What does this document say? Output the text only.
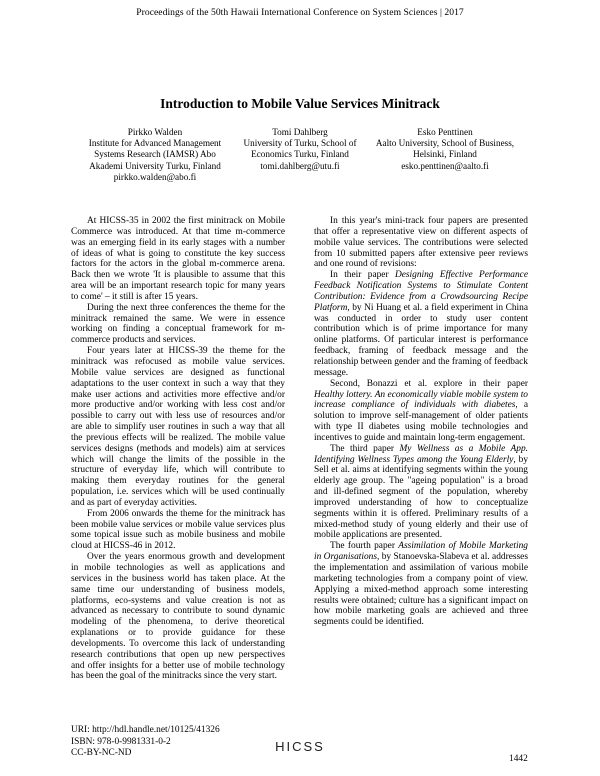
Proceedings of the 50th Hawaii International Conference on System Sciences | 2017
Introduction to Mobile Value Services Minitrack
Pirkko Walden
Institute for Advanced Management
Systems Research (IAMSR) Abo
Akademi University Turku, Finland
pirkko.walden@abo.fi
Tomi Dahlberg
University of Turku, School of
Economics Turku, Finland
tomi.dahlberg@utu.fi
Esko Penttinen
Aalto University, School of Business,
Helsinki, Finland
esko.penttinen@aalto.fi

At HICSS-35 in 2002 the first minitrack on Mobile Commerce was introduced. At that time m-commerce was an emerging field in its early stages with a number of ideas of what is going to constitute the key success factors for the actors in the global m-commerce arena. Back then we wrote 'It is plausible to assume that this area will be an important research topic for many years to come' – it still is after 15 years.

During the next three conferences the theme for the minitrack remained the same. We were in essence working on finding a conceptual framework for m-commerce products and services.

Four years later at HICSS-39 the theme for the minitrack was refocused as mobile value services. Mobile value services are designed as functional adaptations to the user context in such a way that they make user actions and activities more effective and/or more productive and/or working with less cost and/or possible to carry out with less use of resources and/or are able to simplify user routines in such a way that all the previous effects will be realized. The mobile value services designs (methods and models) aim at services which will change the limits of the possible in the structure of everyday life, which will contribute to making them everyday routines for the general population, i.e. services which will be used continually and as part of everyday activities.

From 2006 onwards the theme for the minitrack has been mobile value services or mobile value services plus some topical issue such as mobile business and mobile cloud at HICSS-46 in 2012.

Over the years enormous growth and development in mobile technologies as well as applications and services in the business world has taken place. At the same time our understanding of business models, platforms, eco-systems and value creation is not as advanced as necessary to contribute to sound dynamic modeling of the phenomena, to derive theoretical explanations or to provide guidance for these developments. To overcome this lack of understanding research contributions that open up new perspectives and offer insights for a better use of mobile technology has been the goal of the minitracks since the very start.

In this year's mini-track four papers are presented that offer a representative view on different aspects of mobile value services. The contributions were selected from 10 submitted papers after extensive peer reviews and one round of revisions:

In their paper Designing Effective Performance Feedback Notification Systems to Stimulate Content Contribution: Evidence from a Crowdsourcing Recipe Platform, by Ni Huang et al. a field experiment in China was conducted in order to study user content contribution which is of prime importance for many online platforms. Of particular interest is performance feedback, framing of feedback message and the relationship between gender and the framing of feedback message.

Second, Bonazzi et al. explore in their paper Healthy lottery. An economically viable mobile system to increase compliance of individuals with diabetes, a solution to improve self-management of older patients with type II diabetes using mobile technologies and incentives to guide and maintain long-term engagement.

The third paper My Wellness as a Mobile App. Identifying Wellness Types among the Young Elderly, by Sell et al. aims at identifying segments within the young elderly age group. The "ageing population" is a broad and ill-defined segment of the population, whereby improved understanding of how to conceptualize segments within it is offered. Preliminary results of a mixed-method study of young elderly and their use of mobile applications are presented.

The fourth paper Assimilation of Mobile Marketing in Organisations, by Stanoevska-Slabeva et al. addresses the implementation and assimilation of various mobile marketing technologies from a company point of view. Applying a mixed-method approach some interesting results were obtained; culture has a significant impact on how mobile marketing goals are achieved and three segments could be identified.

URI: http://hdl.handle.net/10125/41326
ISBN: 978-0-9981331-0-2
CC-BY-NC-ND	HICSS
1442
